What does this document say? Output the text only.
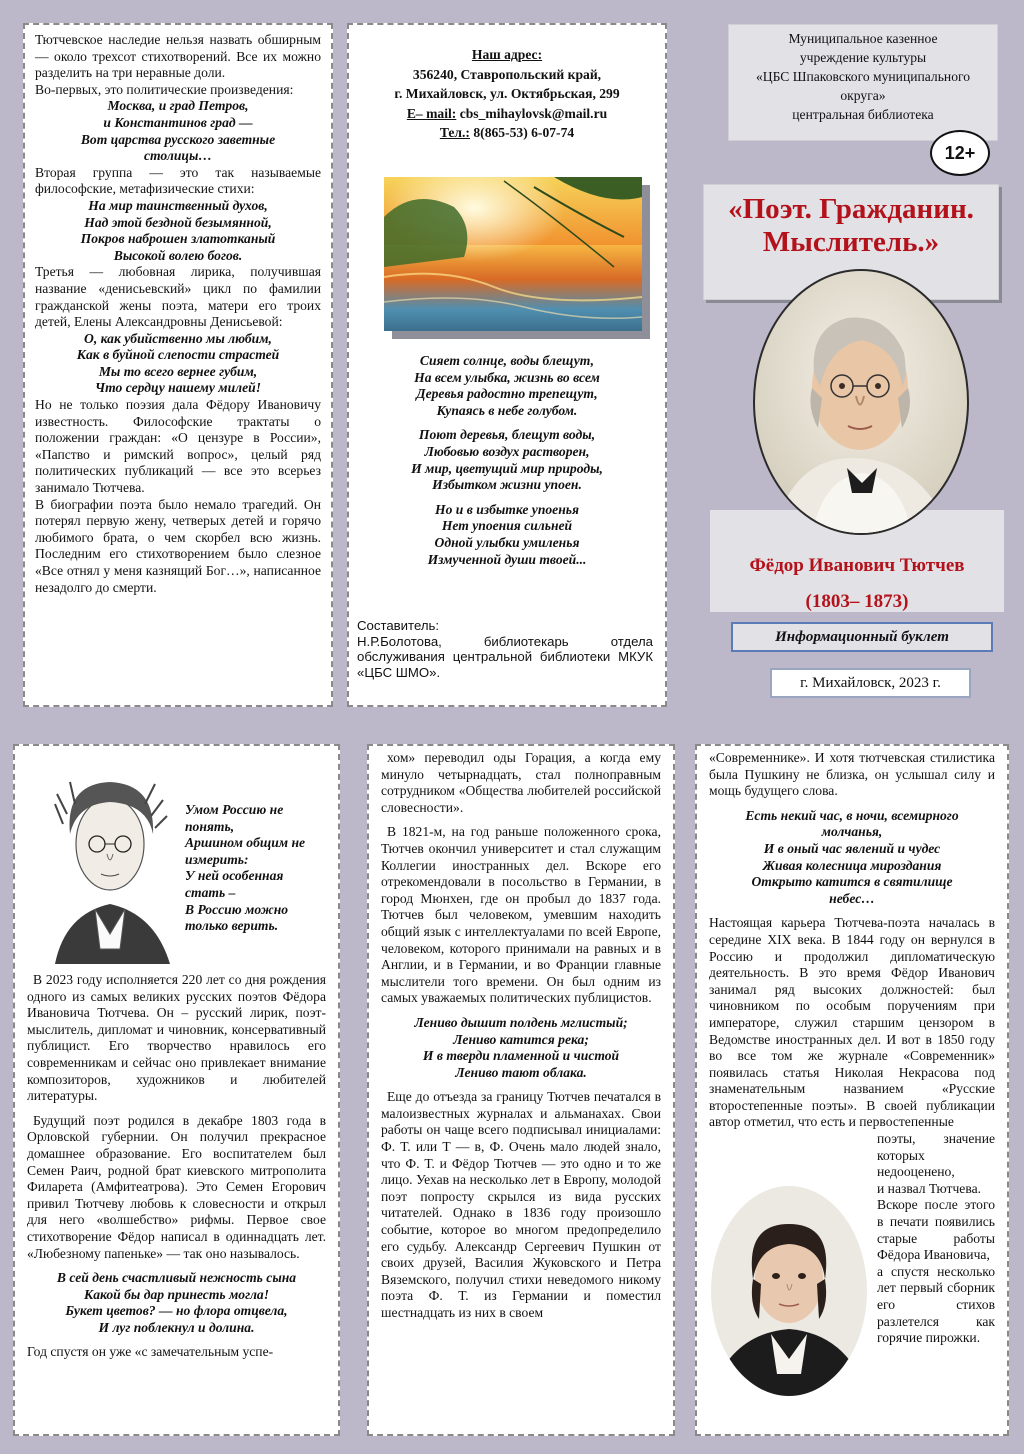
Тютчевское наследие нельзя назвать обширным — около трехсот стихотворений. Все их можно разделить на три неравные доли.
Во-первых, это политические произведения:
Москва, и град Петров,
и Константинов град —
Вот царства русского заветные
столицы…
Вторая группа — это так называемые философские, метафизические стихи:
На мир таинственный духов,
Над этой бездной безымянной,
Покров наброшен златотканый
Высокой волею богов.
Третья — любовная лирика, получившая название «денисьевский» цикл по фамилии гражданской жены поэта, матери его троих детей, Елены Александровны Денисьевой:
О, как убийственно мы любим,
Как в буйной слепости страстей
Мы то всего вернее губим,
Что сердцу нашему милей!
Но не только поэзия дала Фёдору Ивановичу известность. Философские трактаты о положении граждан: «О цензуре в России», «Папство и римский вопрос», целый ряд политических публикаций — все это всерьез занимало Тютчева.
В биографии поэта было немало трагедий. Он потерял первую жену, четверых детей и горячо любимого брата, о чем скорбел всю жизнь. Последним его стихотворением было слезное «Все отнял у меня казнящий Бог…», написанное незадолго до смерти.
Наш адрес:
356240, Ставропольский край,
г. Михайловск, ул. Октябрьская, 299
E– mail: cbs_mihaylovsk@mail.ru
Тел.: 8(865-53) 6-07-74
Сияет солнце, воды блещут,
На всем улыбка, жизнь во всем
Деревья радостно трепещут,
Купаясь в небе голубом.
Поют деревья, блещут воды,
Любовью воздух растворен,
И мир, цветущий мир природы,
Избытком жизни упоен.
Но и в избытке упоенья
Нет упоения сильней
Одной улыбки умиленья
Измученной души твоей...
Составитель:
Н.Р.Болотова, библиотекарь отдела обслуживания центральной библиотеки МКУК «ЦБС ШМО».
Муниципальное казенное
учреждение культуры
«ЦБС Шпаковского муниципального
округа»
центральная библиотека
«Поэт. Гражданин.
Мыслитель.»
Фёдор Иванович Тютчев
(1803– 1873)
12+
Информационный буклет
г. Михайловск, 2023 г.
Умом Россию не
понять,
Аршином общим не
измерить:
У ней особенная
стать –
В Россию можно
только верить.

В 2023 году исполняется 220 лет со дня рождения одного из самых великих русских поэтов Фёдора Ивановича Тютчева. Он – русский лирик, поэт-мыслитель, дипломат и чиновник, консервативный публицист. Его творчество нравилось его современникам и сейчас оно привлекает внимание композиторов, художников и любителей литературы.

Будущий поэт родился в декабре 1803 года в Орловской губернии. Он получил прекрасное домашнее образование. Его воспитателем был Семен Раич, родной брат киевского митрополита Филарета (Амфитеатрова). Это Семен Егорович привил Тютчеву любовь к словесности и открыл для него «волшебство» рифмы. Первое свое стихотворение Фёдор написал в одиннадцать лет. «Любезному папеньке» — так оно называлось.

В сей день счастливый нежность сына
Какой бы дар принесть могла!
Букет цветов? — но флора отцвела,
И луг поблекнул и долина.

Год спустя он уже «с замечательным успе-

хом» переводил оды Горация, а когда ему минуло четырнадцать, стал полноправным сотрудником «Общества любителей российской словесности».

В 1821-м, на год раньше положенного срока, Тютчев окончил университет и стал служащим Коллегии иностранных дел. Вскоре его отрекомендовали в посольство в Германии, в город Мюнхен, где он пробыл до 1837 года. Тютчев был человеком, умевшим находить общий язык с интеллектуалами по всей Европе, человеком, которого принимали на равных и в Англии, и в Германии, и во Франции главные мыслители того времени. Он был одним из самых уважаемых политических публицистов.

Лениво дышит полдень мглистый;
Лениво катится река;
И в тверди пламенной и чистой
Лениво тают облака.

Еще до отъезда за границу Тютчев печатался в малоизвестных журналах и альманахах. Свои работы он чаще всего подписывал инициалами: Ф. Т. или Т — в, Ф. Очень мало людей знало, что Ф. Т. и Фёдор Тютчев — это одно и то же лицо. Уехав на несколько лет в Европу, молодой поэт попросту скрылся из вида русских читателей. Однако в 1836 году произошло событие, которое во многом предопределило его судьбу. Александр Сергеевич Пушкин от своих друзей, Василия Жуковского и Петра Вяземского, получил стихи неведомого никому поэта Ф. Т. из Германии и поместил шестнадцать из них в своем

«Современнике». И хотя тютчевская стилистика была Пушкину не близка, он услышал силу и мощь будущего слова.

Есть некий час, в ночи, всемирного
молчанья,
И в оный час явлений и чудес
Живая колесница мироздания
Открыто катится в святилище
небес…

Настоящая карьера Тютчева-поэта началась в середине XIX века. В 1844 году он вернулся в Россию и продолжил дипломатическую деятельность. В это время Фёдор Иванович занимал ряд высоких должностей: был чиновником по особым поручениям при императоре, служил старшим цензором в Ведомстве иностранных дел. И вот в 1850 году во все том же журнале «Современник» появилась статья Николая Некрасова под знаменательным названием «Русские второстепенные поэты». В своей публикации автор отметил, что есть и первостепенные

поэты, значение которых
недооценено,
и назвал Тютчева.
Вскоре после этого в печати появились старые работы Фёдора Ивановича,
а спустя несколько лет первый сборник его стихов разлетелся как горячие пирожки.
